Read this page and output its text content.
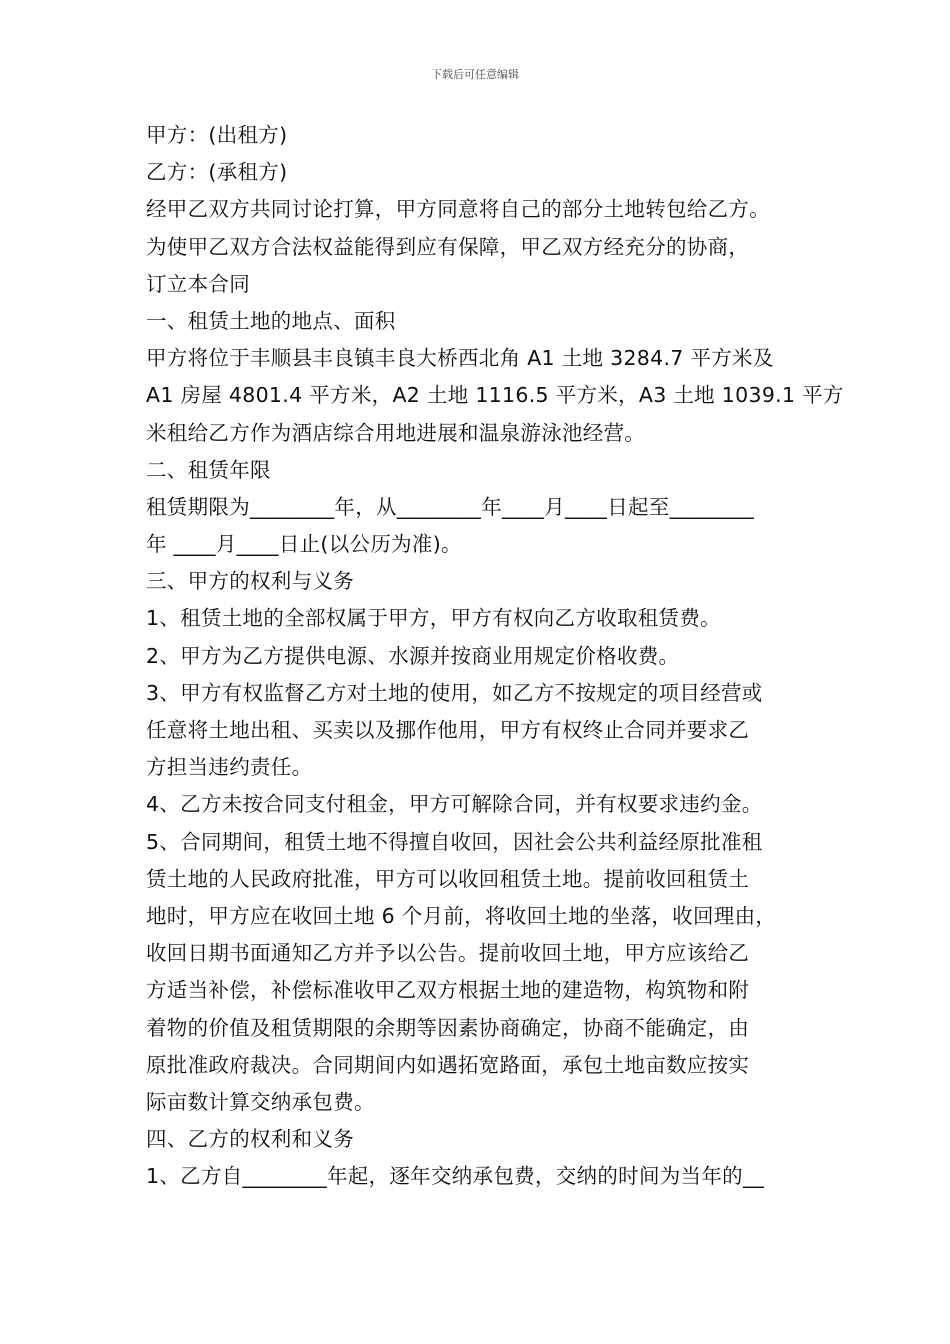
下载后可任意编辑
甲方：(出租方)
乙方：(承租方)
经甲乙双方共同讨论打算，甲方同意将自己的部分土地转包给乙方。
为使甲乙双方合法权益能得到应有保障，甲乙双方经充分的协商，
订立本合同
一、租赁土地的地点、面积
甲方将位于丰顺县丰良镇丰良大桥西北角 A1 土地 3284.7 平方米及
A1 房屋 4801.4 平方米，A2 土地 1116.5 平方米，A3 土地 1039.1 平方
米租给乙方作为酒店综合用地进展和温泉游泳池经营。
二、租赁年限
租赁期限为________年，从________年____月____日起至________
年 ____月____日止(以公历为准)。
三、甲方的权利与义务
1、租赁土地的全部权属于甲方，甲方有权向乙方收取租赁费。
2、甲方为乙方提供电源、水源并按商业用规定价格收费。
3、甲方有权监督乙方对土地的使用，如乙方不按规定的项目经营或
任意将土地出租、买卖以及挪作他用，甲方有权终止合同并要求乙
方担当违约责任。
4、乙方未按合同支付租金，甲方可解除合同，并有权要求违约金。
5、合同期间，租赁土地不得擅自收回，因社会公共利益经原批准租
赁土地的人民政府批准，甲方可以收回租赁土地。提前收回租赁土
地时，甲方应在收回土地 6 个月前，将收回土地的坐落，收回理由，
收回日期书面通知乙方并予以公告。提前收回土地，甲方应该给乙
方适当补偿，补偿标准收甲乙双方根据土地的建造物，构筑物和附
着物的价值及租赁期限的余期等因素协商确定，协商不能确定，由
原批准政府裁决。合同期间内如遇拓宽路面，承包土地亩数应按实
际亩数计算交纳承包费。
四、乙方的权利和义务
1、乙方自________年起，逐年交纳承包费，交纳的时间为当年的__
